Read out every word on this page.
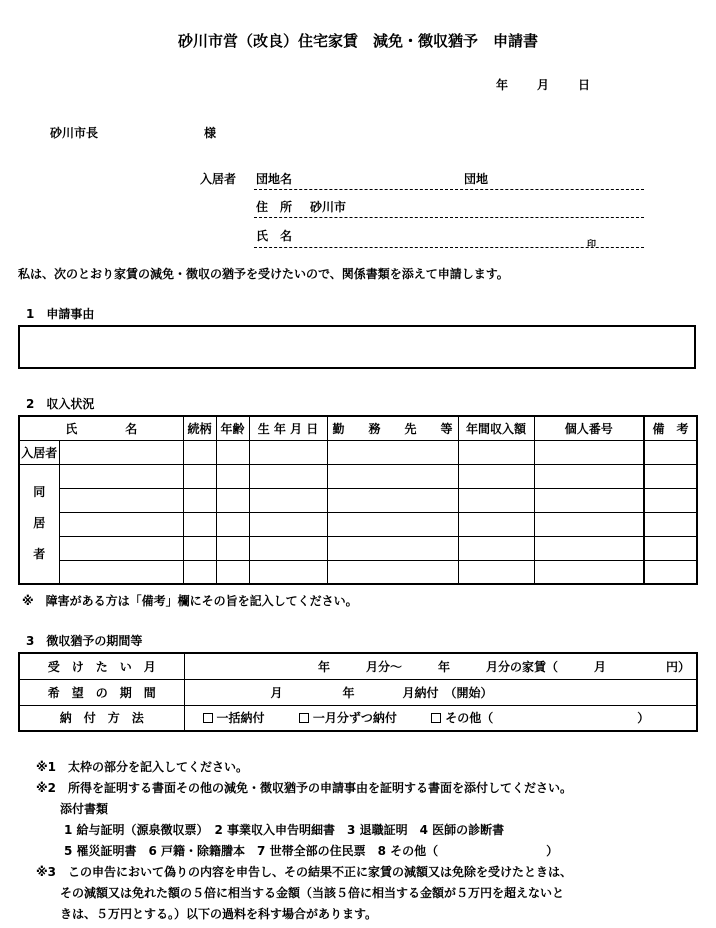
砂川市営（改良）住宅家賃　減免・徴収猶予　申請書
年 月 日
砂川市長	様
入居者 団地名	団地
住　所 砂川市
氏　名
印
私は、次のとおり家賃の減免・徴収の猶予を受けたいので、関係書類を添えて申請します。
1　申請事由
2　収入状況
氏　　　　名		続柄	年齢	生 年 月 日	勤　　務　　先　　等	年間収入額	個人番号	備　考
入居者								

同
居
者								

※　障害がある方は「備考」欄にその旨を記入してください。
3　徴収猶予の期間等
受　け　た　い　月	年　　　月分～　　　年　　　月分の家賃（　　　月　　　　　円）
希　望　の　期　間	月　　　　　年　　　　月納付　（開始）
納　付　方　法	一括納付 一月分ずつ納付 その他（　　　　　　　　　　　　）
※1　太枠の部分を記入してください。
※2　所得を証明する書面その他の減免・徴収猶予の申請事由を証明する書面を添付してください。
添付書類
1 給与証明（源泉徴収票）　2 事業収入申告明細書　3 退職証明　4 医師の診断書
5 罹災証明書　6 戸籍・除籍謄本　7 世帯全部の住民票　8 その他（　　　　　　　　　）
※3　この申告において偽りの内容を申告し、その結果不正に家賃の減額又は免除を受けたときは、
その減額又は免れた額の５倍に相当する金額（当該５倍に相当する金額が５万円を超えないと
きは、５万円とする。）以下の過料を科す場合があります。
